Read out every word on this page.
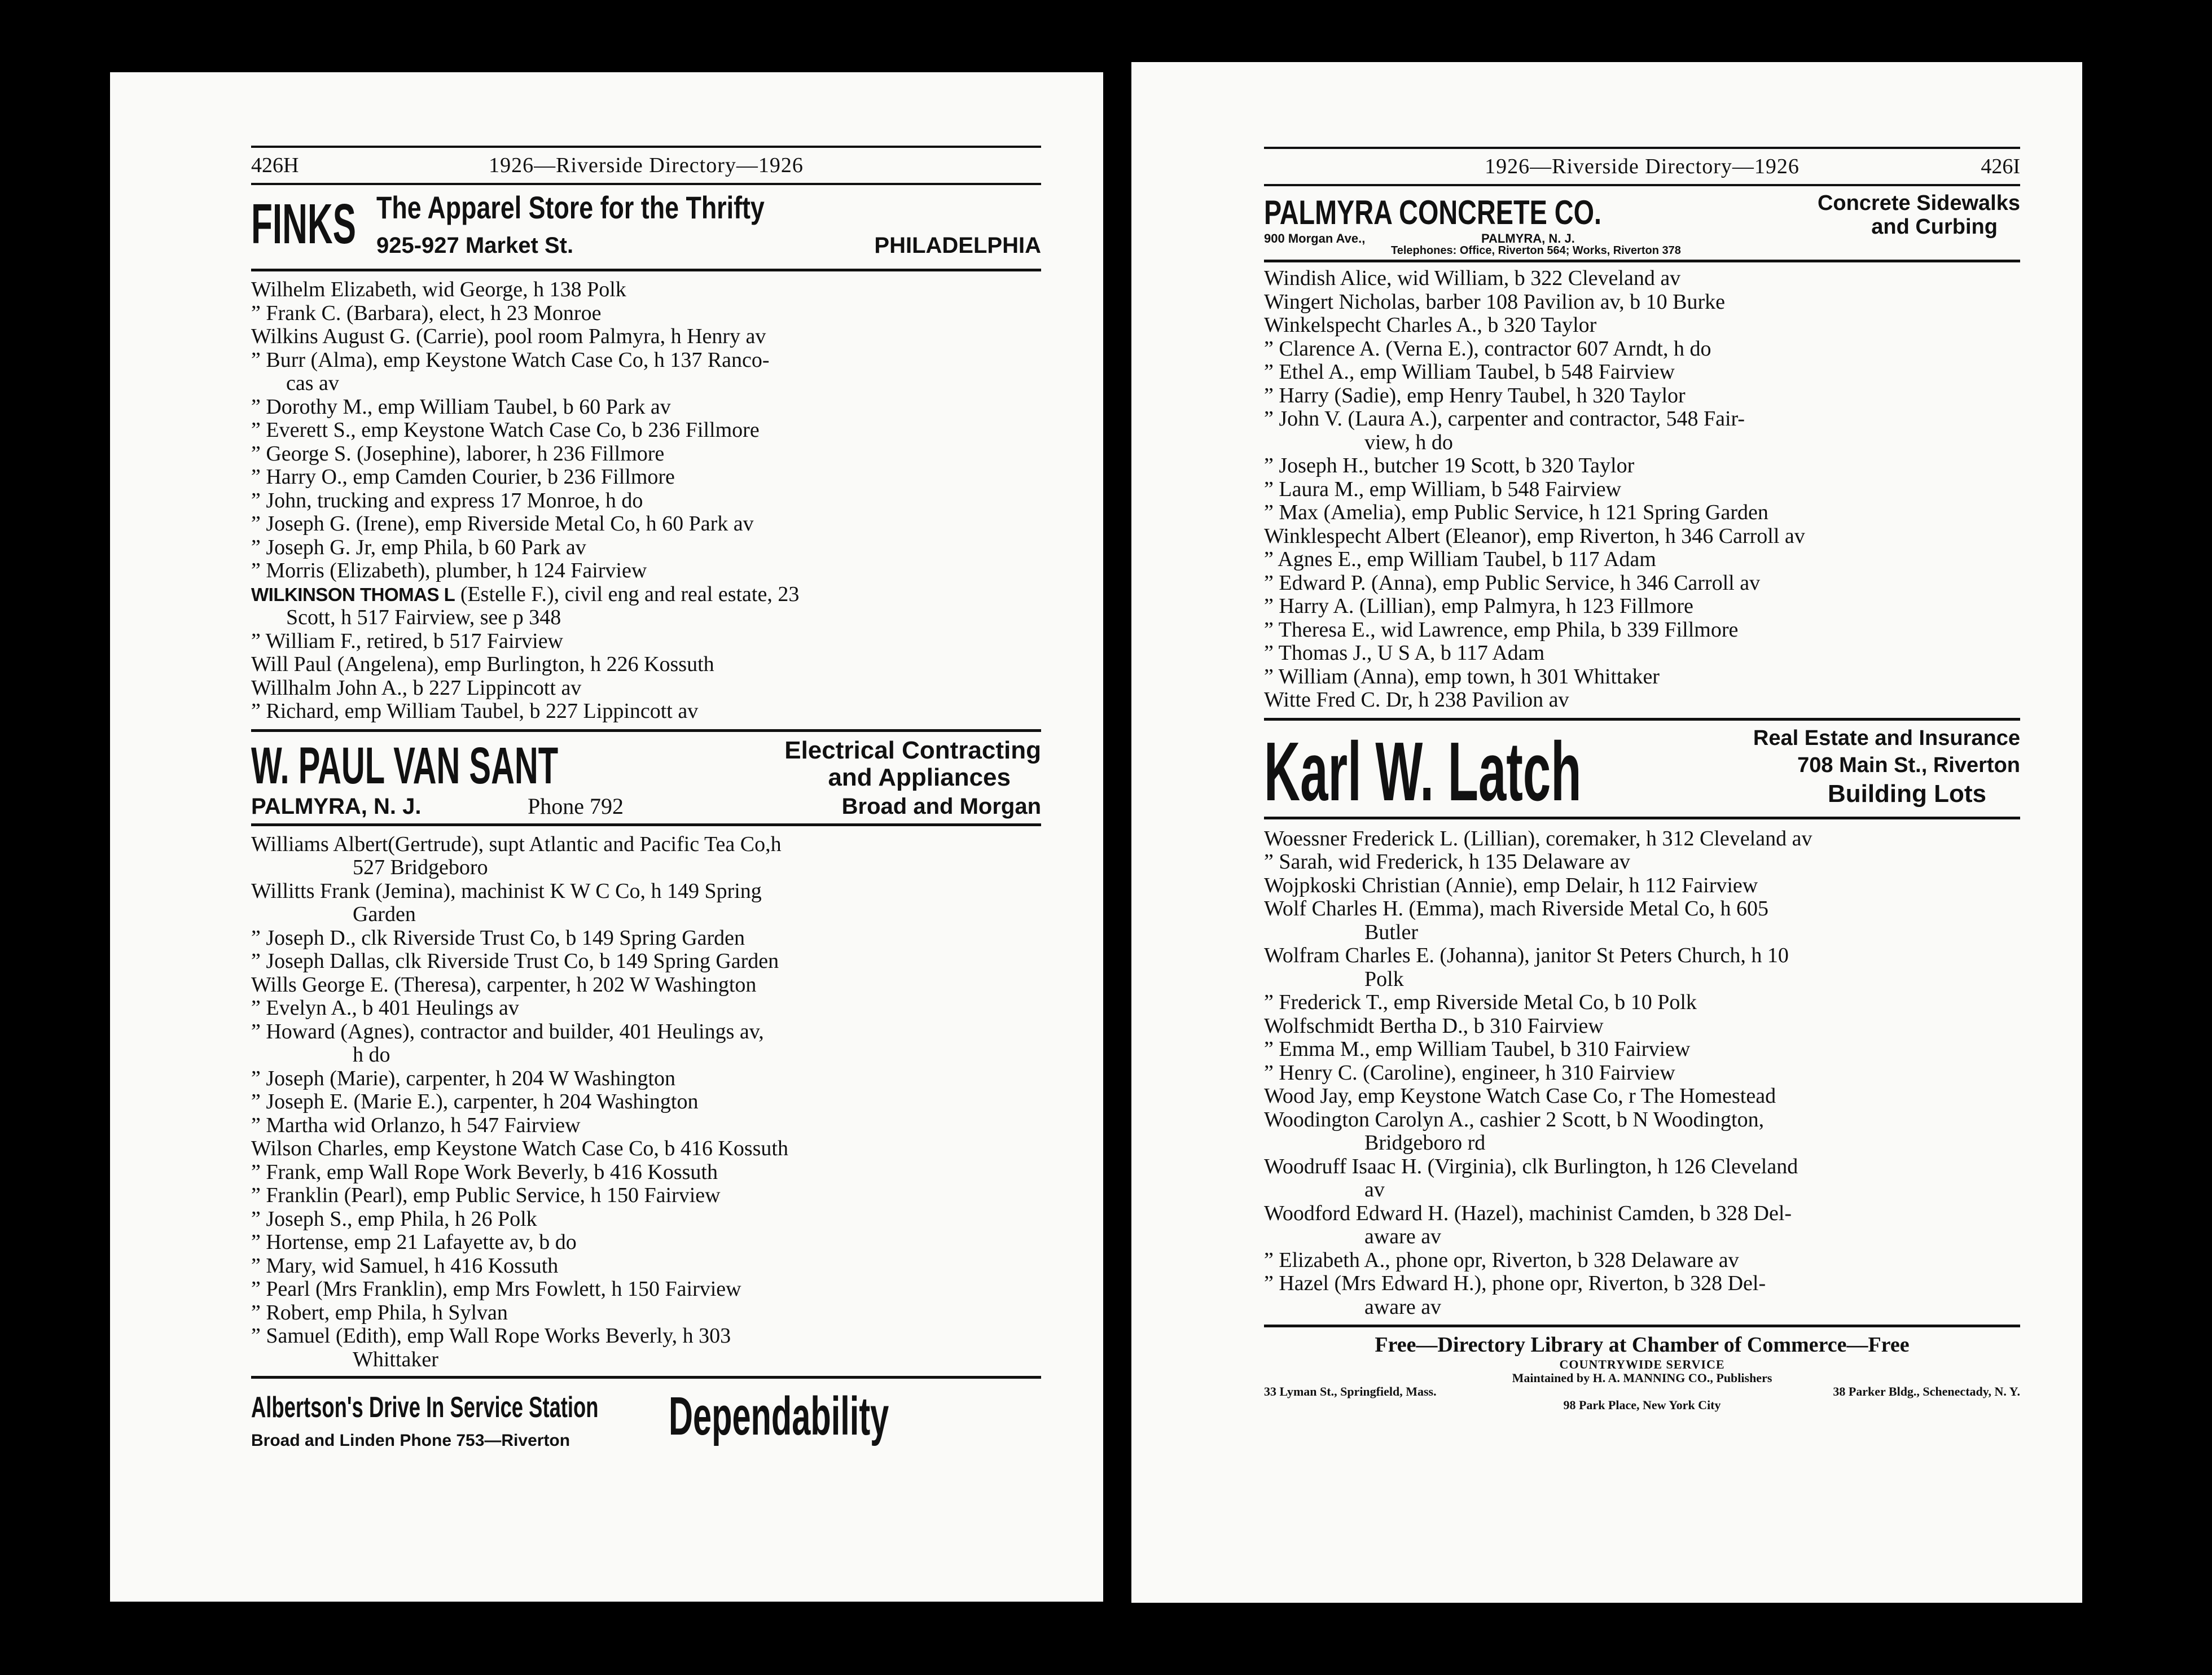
426H	1926—Riverside Directory—1926
FINKS The Apparel Store for the Thrifty
925-927 Market St.	PHILADELPHIA
Wilhelm Elizabeth, wid George, h 138 Polk
” Frank C. (Barbara), elect, h 23 Monroe
Wilkins August G. (Carrie), pool room Palmyra, h Henry av
” Burr (Alma), emp Keystone Watch Case Co, h 137 Ranco-
cas av
” Dorothy M., emp William Taubel, b 60 Park av
” Everett S., emp Keystone Watch Case Co, b 236 Fillmore
” George S. (Josephine), laborer, h 236 Fillmore
” Harry O., emp Camden Courier, b 236 Fillmore
” John, trucking and express 17 Monroe, h do
” Joseph G. (Irene), emp Riverside Metal Co, h 60 Park av
” Joseph G. Jr, emp Phila, b 60 Park av
” Morris (Elizabeth), plumber, h 124 Fairview
WILKINSON THOMAS L (Estelle F.), civil eng and real estate, 23
Scott, h 517 Fairview, see p 348
” William F., retired, b 517 Fairview
Will Paul (Angelena), emp Burlington, h 226 Kossuth
Willhalm John A., b 227 Lippincott av
” Richard, emp William Taubel, b 227 Lippincott av
W. PAUL VAN SANT	Electrical Contracting
and Appliances
PALMYRA, N. J.	Phone 792	Broad and Morgan
Williams Albert(Gertrude), supt Atlantic and Pacific Tea Co,h
527 Bridgeboro
Willitts Frank (Jemina), machinist K W C Co, h 149 Spring
Garden
” Joseph D., clk Riverside Trust Co, b 149 Spring Garden
” Joseph Dallas, clk Riverside Trust Co, b 149 Spring Garden
Wills George E. (Theresa), carpenter, h 202 W Washington
” Evelyn A., b 401 Heulings av
” Howard (Agnes), contractor and builder, 401 Heulings av,
h do
” Joseph (Marie), carpenter, h 204 W Washington
” Joseph E. (Marie E.), carpenter, h 204 Washington
” Martha wid Orlanzo, h 547 Fairview
Wilson Charles, emp Keystone Watch Case Co, b 416 Kossuth
” Frank, emp Wall Rope Work Beverly, b 416 Kossuth
” Franklin (Pearl), emp Public Service, h 150 Fairview
” Joseph S., emp Phila, h 26 Polk
” Hortense, emp 21 Lafayette av, b do
” Mary, wid Samuel, h 416 Kossuth
” Pearl (Mrs Franklin), emp Mrs Fowlett, h 150 Fairview
” Robert, emp Phila, h Sylvan
” Samuel (Edith), emp Wall Rope Works Beverly, h 303
Whittaker
Albertson's Drive In Service Station
Broad and Linden Phone 753—Riverton Dependability
1926—Riverside Directory—1926	426I
PALMYRA CONCRETE CO.	Concrete Sidewalks
and Curbing
900 Morgan Ave.,	PALMYRA, N. J.
Telephones: Office, Riverton 564; Works, Riverton 378
Windish Alice, wid William, b 322 Cleveland av
Wingert Nicholas, barber 108 Pavilion av, b 10 Burke
Winkelspecht Charles A., b 320 Taylor
” Clarence A. (Verna E.), contractor 607 Arndt, h do
” Ethel A., emp William Taubel, b 548 Fairview
” Harry (Sadie), emp Henry Taubel, h 320 Taylor
” John V. (Laura A.), carpenter and contractor, 548 Fair-
view, h do
” Joseph H., butcher 19 Scott, b 320 Taylor
” Laura M., emp William, b 548 Fairview
” Max (Amelia), emp Public Service, h 121 Spring Garden
Winklespecht Albert (Eleanor), emp Riverton, h 346 Carroll av
” Agnes E., emp William Taubel, b 117 Adam
” Edward P. (Anna), emp Public Service, h 346 Carroll av
” Harry A. (Lillian), emp Palmyra, h 123 Fillmore
” Theresa E., wid Lawrence, emp Phila, b 339 Fillmore
” Thomas J., U S A, b 117 Adam
” William (Anna), emp town, h 301 Whittaker
Witte Fred C. Dr, h 238 Pavilion av
Karl W. Latch	Real Estate and Insurance
708 Main St., Riverton
Building Lots
Woessner Frederick L. (Lillian), coremaker, h 312 Cleveland av
” Sarah, wid Frederick, h 135 Delaware av
Wojpkoski Christian (Annie), emp Delair, h 112 Fairview
Wolf Charles H. (Emma), mach Riverside Metal Co, h 605
Butler
Wolfram Charles E. (Johanna), janitor St Peters Church, h 10
Polk
” Frederick T., emp Riverside Metal Co, b 10 Polk
Wolfschmidt Bertha D., b 310 Fairview
” Emma M., emp William Taubel, b 310 Fairview
” Henry C. (Caroline), engineer, h 310 Fairview
Wood Jay, emp Keystone Watch Case Co, r The Homestead
Woodington Carolyn A., cashier 2 Scott, b N Woodington,
Bridgeboro rd
Woodruff Isaac H. (Virginia), clk Burlington, h 126 Cleveland
av
Woodford Edward H. (Hazel), machinist Camden, b 328 Del-
aware av
” Elizabeth A., phone opr, Riverton, b 328 Delaware av
” Hazel (Mrs Edward H.), phone opr, Riverton, b 328 Del-
aware av
Free—Directory Library at Chamber of Commerce—Free
COUNTRYWIDE SERVICE
Maintained by H. A. MANNING CO., Publishers
33 Lyman St., Springfield, Mass.	38 Parker Bldg., Schenectady, N. Y.
98 Park Place, New York City
